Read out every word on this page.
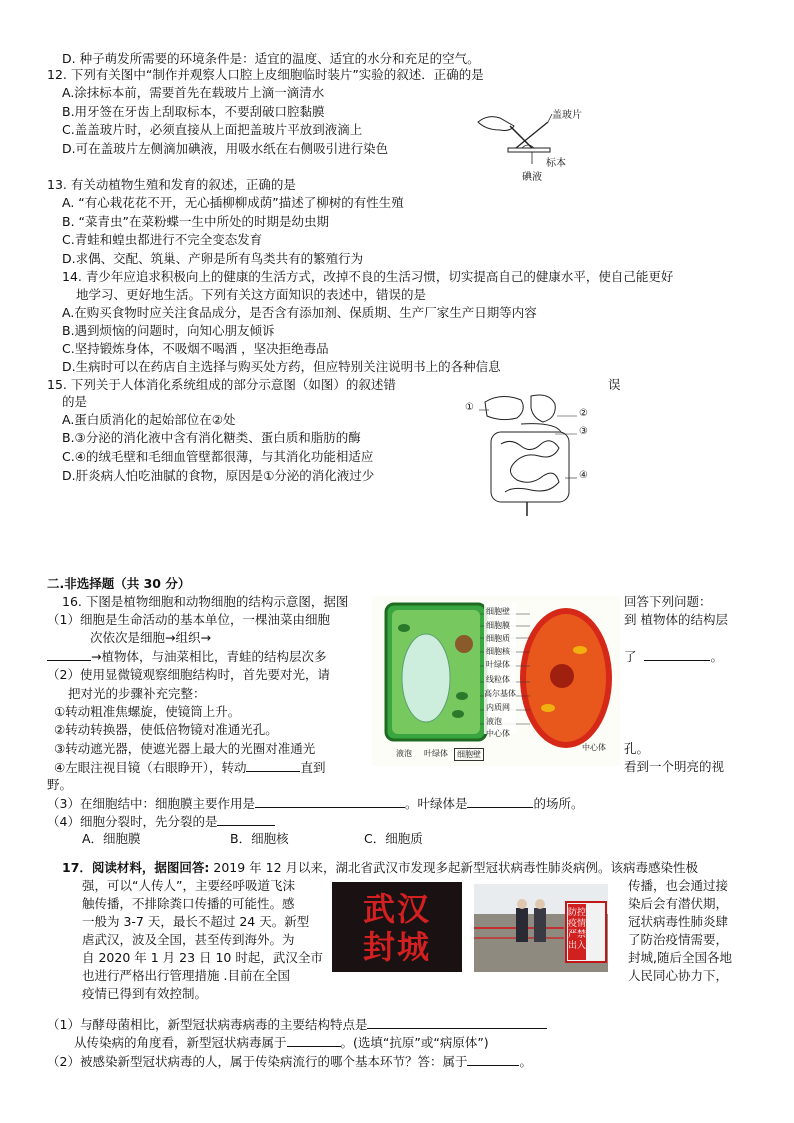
D. 种子萌发所需要的环境条件是：适宜的温度、适宜的水分和充足的空气。
12. 下列有关图中“制作并观察人口腔上皮细胞临时装片”实验的叙述．正确的是
A.涂抹标本前，需要首先在载玻片上滴一滴清水
B.用牙签在牙齿上刮取标本，不要刮破口腔黏膜
C.盖盖玻片时，必须直接从上面把盖玻片平放到液滴上
D.可在盖玻片左侧滴加碘液，用吸水纸在右侧吸引进行染色
盖玻片
标本
碘液
13. 有关动植物生殖和发育的叙述，正确的是
A. “有心栽花花不开，无心插柳柳成荫”描述了柳树的有性生殖
B. “菜青虫”在菜粉蝶一生中所处的时期是幼虫期
C.青蛙和蝗虫都进行不完全变态发育
D.求偶、交配、筑巢、产卵是所有鸟类共有的繁殖行为
14. 青少年应追求积极向上的健康的生活方式，改掉不良的生活习惯，切实提高自己的健康水平，使自己能更好
地学习、更好地生活。下列有关这方面知识的表述中，错误的是
A.在购买食物时应关注食品成分，是否含有添加剂、保质期、生产厂家生产日期等内容
B.遇到烦恼的问题时，向知心朋友倾诉
C.坚持锻炼身体，不吸烟不喝酒 ，坚决拒绝毒品
D.生病时可以在药店自主选择与购买处方药，但应特别关注说明书上的各种信息
15. 下列关于人体消化系统组成的部分示意图（如图）的叙述错	误
的是
A.蛋白质消化的起始部位在②处
B.③分泌的消化液中含有消化糖类、蛋白质和脂肪的酶
C.④的绒毛壁和毛细血管壁都很薄，与其消化功能相适应
D.肝炎病人怕吃油腻的食物，原因是①分泌的消化液过少
①
②
③
④
二.非选择题（共 30 分）
16. 下图是植物细胞和动物细胞的结构示意图，据图	回答下列问题：
（1）细胞是生命活动的基本单位，一棵油菜由细胞	到 植物体的结构层
次依次是细胞→组织→
→植物体，与油菜相比，青蛙的结构层次多	了	。
（2）使用显微镜观察细胞结构时，首先要对光，请
把对光的步骤补充完整：
①转动粗准焦螺旋，使镜筒上升。
②转动转换器，使低倍物镜对准通光孔。
③转动遮光器，使遮光器上最大的光圈对准通光	孔。
④左眼注视目镜（右眼睁开），转动	直到	看到一个明亮的视
野。
（3）在细胞结中：细胞膜主要作用是	。叶绿体是	的场所。
（4）细胞分裂时，先分裂的是
A．细胞膜	B．细胞核	C．细胞质
细胞壁
细胞膜
细胞质
细胞核
叶绿体
线粒体
高尔基体
内质网
液泡
中心体
液泡 叶绿体	细胞壁
中心体
17．阅读材料，据图回答: 2019 年 12 月以来，湖北省武汉市发现多起新型冠状病毒性肺炎病例。该病毒感染性极
强，可以“人传人”，主要经呼吸道飞沫
触传播，不排除粪口传播的可能性。感
一般为 3-7 天，最长不超过 24 天。新型
虐武汉，波及全国，甚至传到海外。为
自 2020 年 1 月 23 日 10 时起，武汉全市
也进行严格出行管理措施 .目前在全国
疫情已得到有效控制。
传播，也会通过接
染后会有潜伏期，
冠状病毒性肺炎肆
了防治疫情需要，
封城,随后全国各地
人民同心协力下，
武汉
封城
防控疫情严禁出入
（1）与酵母菌相比，新型冠状病毒病毒的主要结构特点是
从传染病的角度看，新型冠状病毒属于	。(选填“抗原”或“病原体”)
（2）被感染新型冠状病毒的人，属于传染病流行的哪个基本环节？答：属于	。
